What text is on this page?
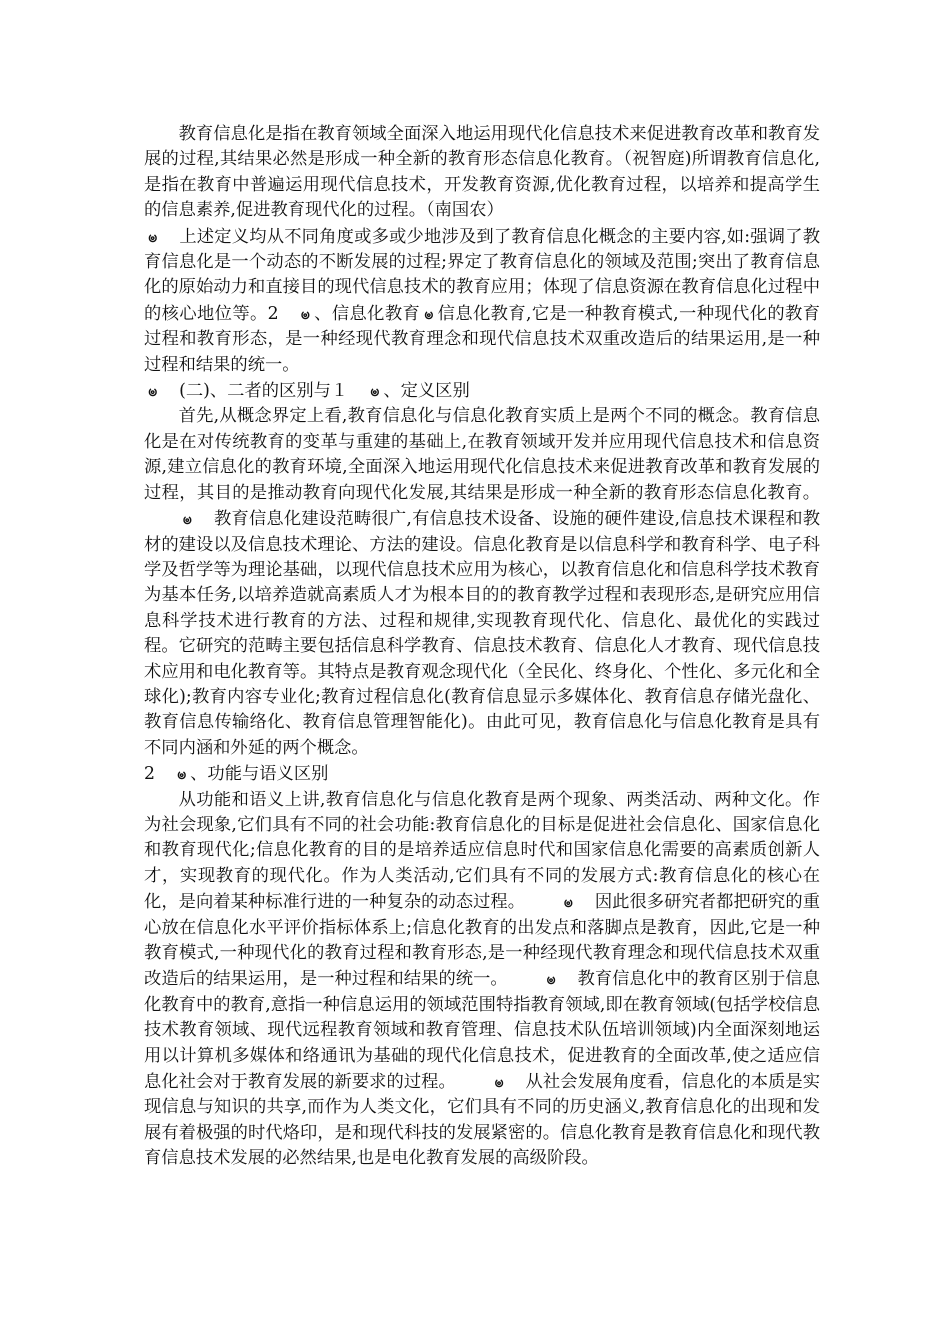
教育信息化是指在教育领域全面深入地运用现代化信息技术来促进教育改革和教育发展的过程,其结果必然是形成一种全新的教育形态信息化教育。（祝智庭)所谓教育信息化,是指在教育中普遍运用现代信息技术，开发教育资源,优化教育过程，以培养和提高学生的信息素养,促进教育现代化的过程。（南国农）

ၑ 上述定义均从不同角度或多或少地涉及到了教育信息化概念的主要内容,如:强调了教育信息化是一个动态的不断发展的过程;界定了教育信息化的领域及范围;突出了教育信息化的原始动力和直接目的现代信息技术的教育应用；体现了信息资源在教育信息化过程中的核心地位等。2 ၑ 、信息化教育 ၑ 信息化教育,它是一种教育模式,一种现代化的教育过程和教育形态，是一种经现代教育理念和现代信息技术双重改造后的结果运用,是一种过程和结果的统一。

ၑ (二)、二者的区别与１ ၑ 、定义区别

首先,从概念界定上看,教育信息化与信息化教育实质上是两个不同的概念。教育信息化是在对传统教育的变革与重建的基础上,在教育领域开发并应用现代信息技术和信息资源,建立信息化的教育环境,全面深入地运用现代化信息技术来促进教育改革和教育发展的过程，其目的是推动教育向现代化发展,其结果是形成一种全新的教育形态信息化教育。ၑ 教育信息化建设范畴很广,有信息技术设备、设施的硬件建设,信息技术课程和教材的建设以及信息技术理论、方法的建设。信息化教育是以信息科学和教育科学、电子科学及哲学等为理论基础，以现代信息技术应用为核心，以教育信息化和信息科学技术教育为基本任务,以培养造就高素质人才为根本目的的教育教学过程和表现形态,是研究应用信息科学技术进行教育的方法、过程和规律,实现教育现代化、信息化、最优化的实践过程。它研究的范畴主要包括信息科学教育、信息技术教育、信息化人才教育、现代信息技术应用和电化教育等。其特点是教育观念现代化（全民化、终身化、个性化、多元化和全球化);教育内容专业化;教育过程信息化(教育信息显示多媒体化、教育信息存储光盘化、教育信息传输络化、教育信息管理智能化)。由此可见，教育信息化与信息化教育是具有不同内涵和外延的两个概念。

2 ၑ 、功能与语义区别

从功能和语义上讲,教育信息化与信息化教育是两个现象、两类活动、两种文化。作为社会现象,它们具有不同的社会功能:教育信息化的目标是促进社会信息化、国家信息化和教育现代化;信息化教育的目的是培养适应信息时代和国家信息化需要的高素质创新人才，实现教育的现代化。作为人类活动,它们具有不同的发展方式:教育信息化的核心在化，是向着某种标准行进的一种复杂的动态过程。 ၑ 因此很多研究者都把研究的重心放在信息化水平评价指标体系上;信息化教育的出发点和落脚点是教育，因此,它是一种教育模式,一种现代化的教育过程和教育形态,是一种经现代教育理念和现代信息技术双重改造后的结果运用，是一种过程和结果的统一。 ၑ 教育信息化中的教育区别于信息化教育中的教育,意指一种信息运用的领域范围特指教育领域,即在教育领域(包括学校信息技术教育领域、现代远程教育领域和教育管理、信息技术队伍培训领域)内全面深刻地运用以计算机多媒体和络通讯为基础的现代化信息技术，促进教育的全面改革,使之适应信息化社会对于教育发展的新要求的过程。 ၑ 从社会发展角度看，信息化的本质是实现信息与知识的共享,而作为人类文化，它们具有不同的历史涵义,教育信息化的出现和发展有着极强的时代烙印，是和现代科技的发展紧密的。信息化教育是教育信息化和现代教育信息技术发展的必然结果,也是电化教育发展的高级阶段。
